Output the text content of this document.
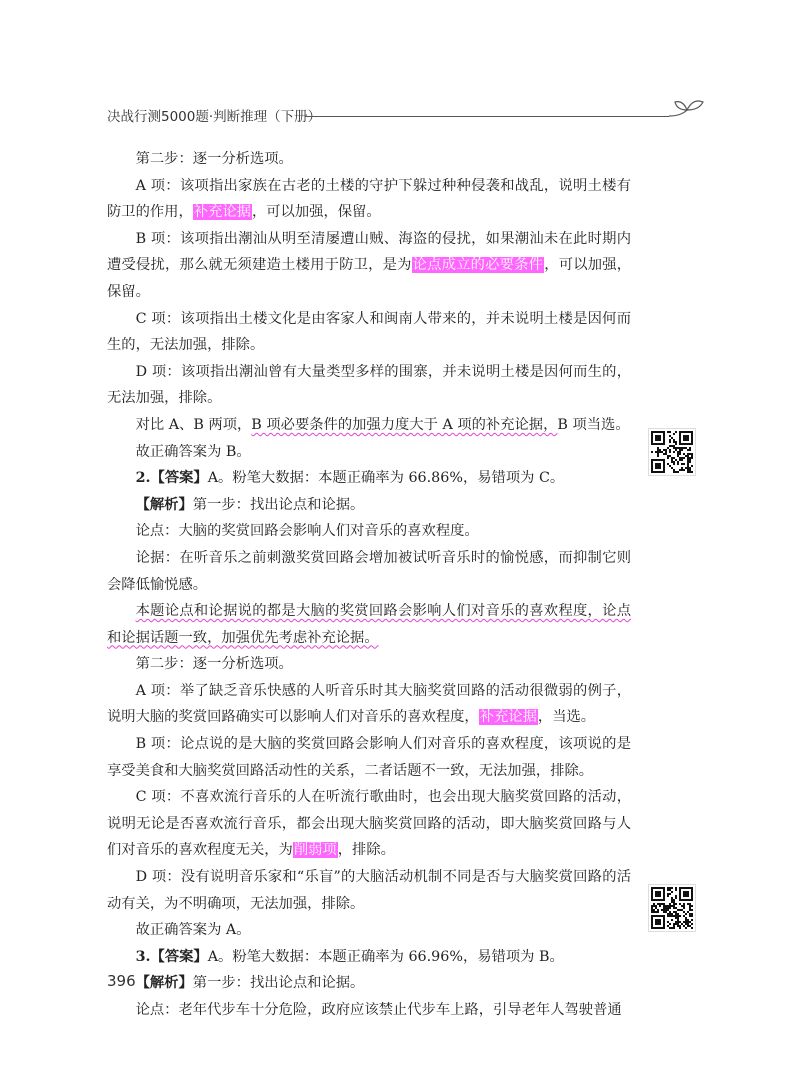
决战行测5000题·判断推理（下册）

第二步：逐一分析选项。

A 项：该项指出家族在古老的土楼的守护下躲过种种侵袭和战乱，说明土楼有防卫的作用，补充论据，可以加强，保留。

B 项：该项指出潮汕从明至清屡遭山贼、海盗的侵扰，如果潮汕未在此时期内遭受侵扰，那么就无须建造土楼用于防卫，是为论点成立的必要条件，可以加强，保留。

C 项：该项指出土楼文化是由客家人和闽南人带来的，并未说明土楼是因何而生的，无法加强，排除。

D 项：该项指出潮汕曾有大量类型多样的围寨，并未说明土楼是因何而生的，无法加强，排除。

对比 A、B 两项，B 项必要条件的加强力度大于 A 项的补充论据，B 项当选。

故正确答案为 B。

2.【答案】A。粉笔大数据：本题正确率为 66.86%，易错项为 C。

【解析】第一步：找出论点和论据。

论点：大脑的奖赏回路会影响人们对音乐的喜欢程度。

论据：在听音乐之前刺激奖赏回路会增加被试听音乐时的愉悦感，而抑制它则会降低愉悦感。

本题论点和论据说的都是大脑的奖赏回路会影响人们对音乐的喜欢程度，论点和论据话题一致，加强优先考虑补充论据。

第二步：逐一分析选项。

A 项：举了缺乏音乐快感的人听音乐时其大脑奖赏回路的活动很微弱的例子，说明大脑的奖赏回路确实可以影响人们对音乐的喜欢程度，补充论据，当选。

B 项：论点说的是大脑的奖赏回路会影响人们对音乐的喜欢程度，该项说的是享受美食和大脑奖赏回路活动性的关系，二者话题不一致，无法加强，排除。

C 项：不喜欢流行音乐的人在听流行歌曲时，也会出现大脑奖赏回路的活动，说明无论是否喜欢流行音乐，都会出现大脑奖赏回路的活动，即大脑奖赏回路与人们对音乐的喜欢程度无关，为削弱项，排除。

D 项：没有说明音乐家和“乐盲”的大脑活动机制不同是否与大脑奖赏回路的活动有关，为不明确项，无法加强，排除。

故正确答案为 A。

3.【答案】A。粉笔大数据：本题正确率为 66.96%，易错项为 B。

【解析】第一步：找出论点和论据。

论点：老年代步车十分危险，政府应该禁止代步车上路，引导老年人驾驶普通

396
